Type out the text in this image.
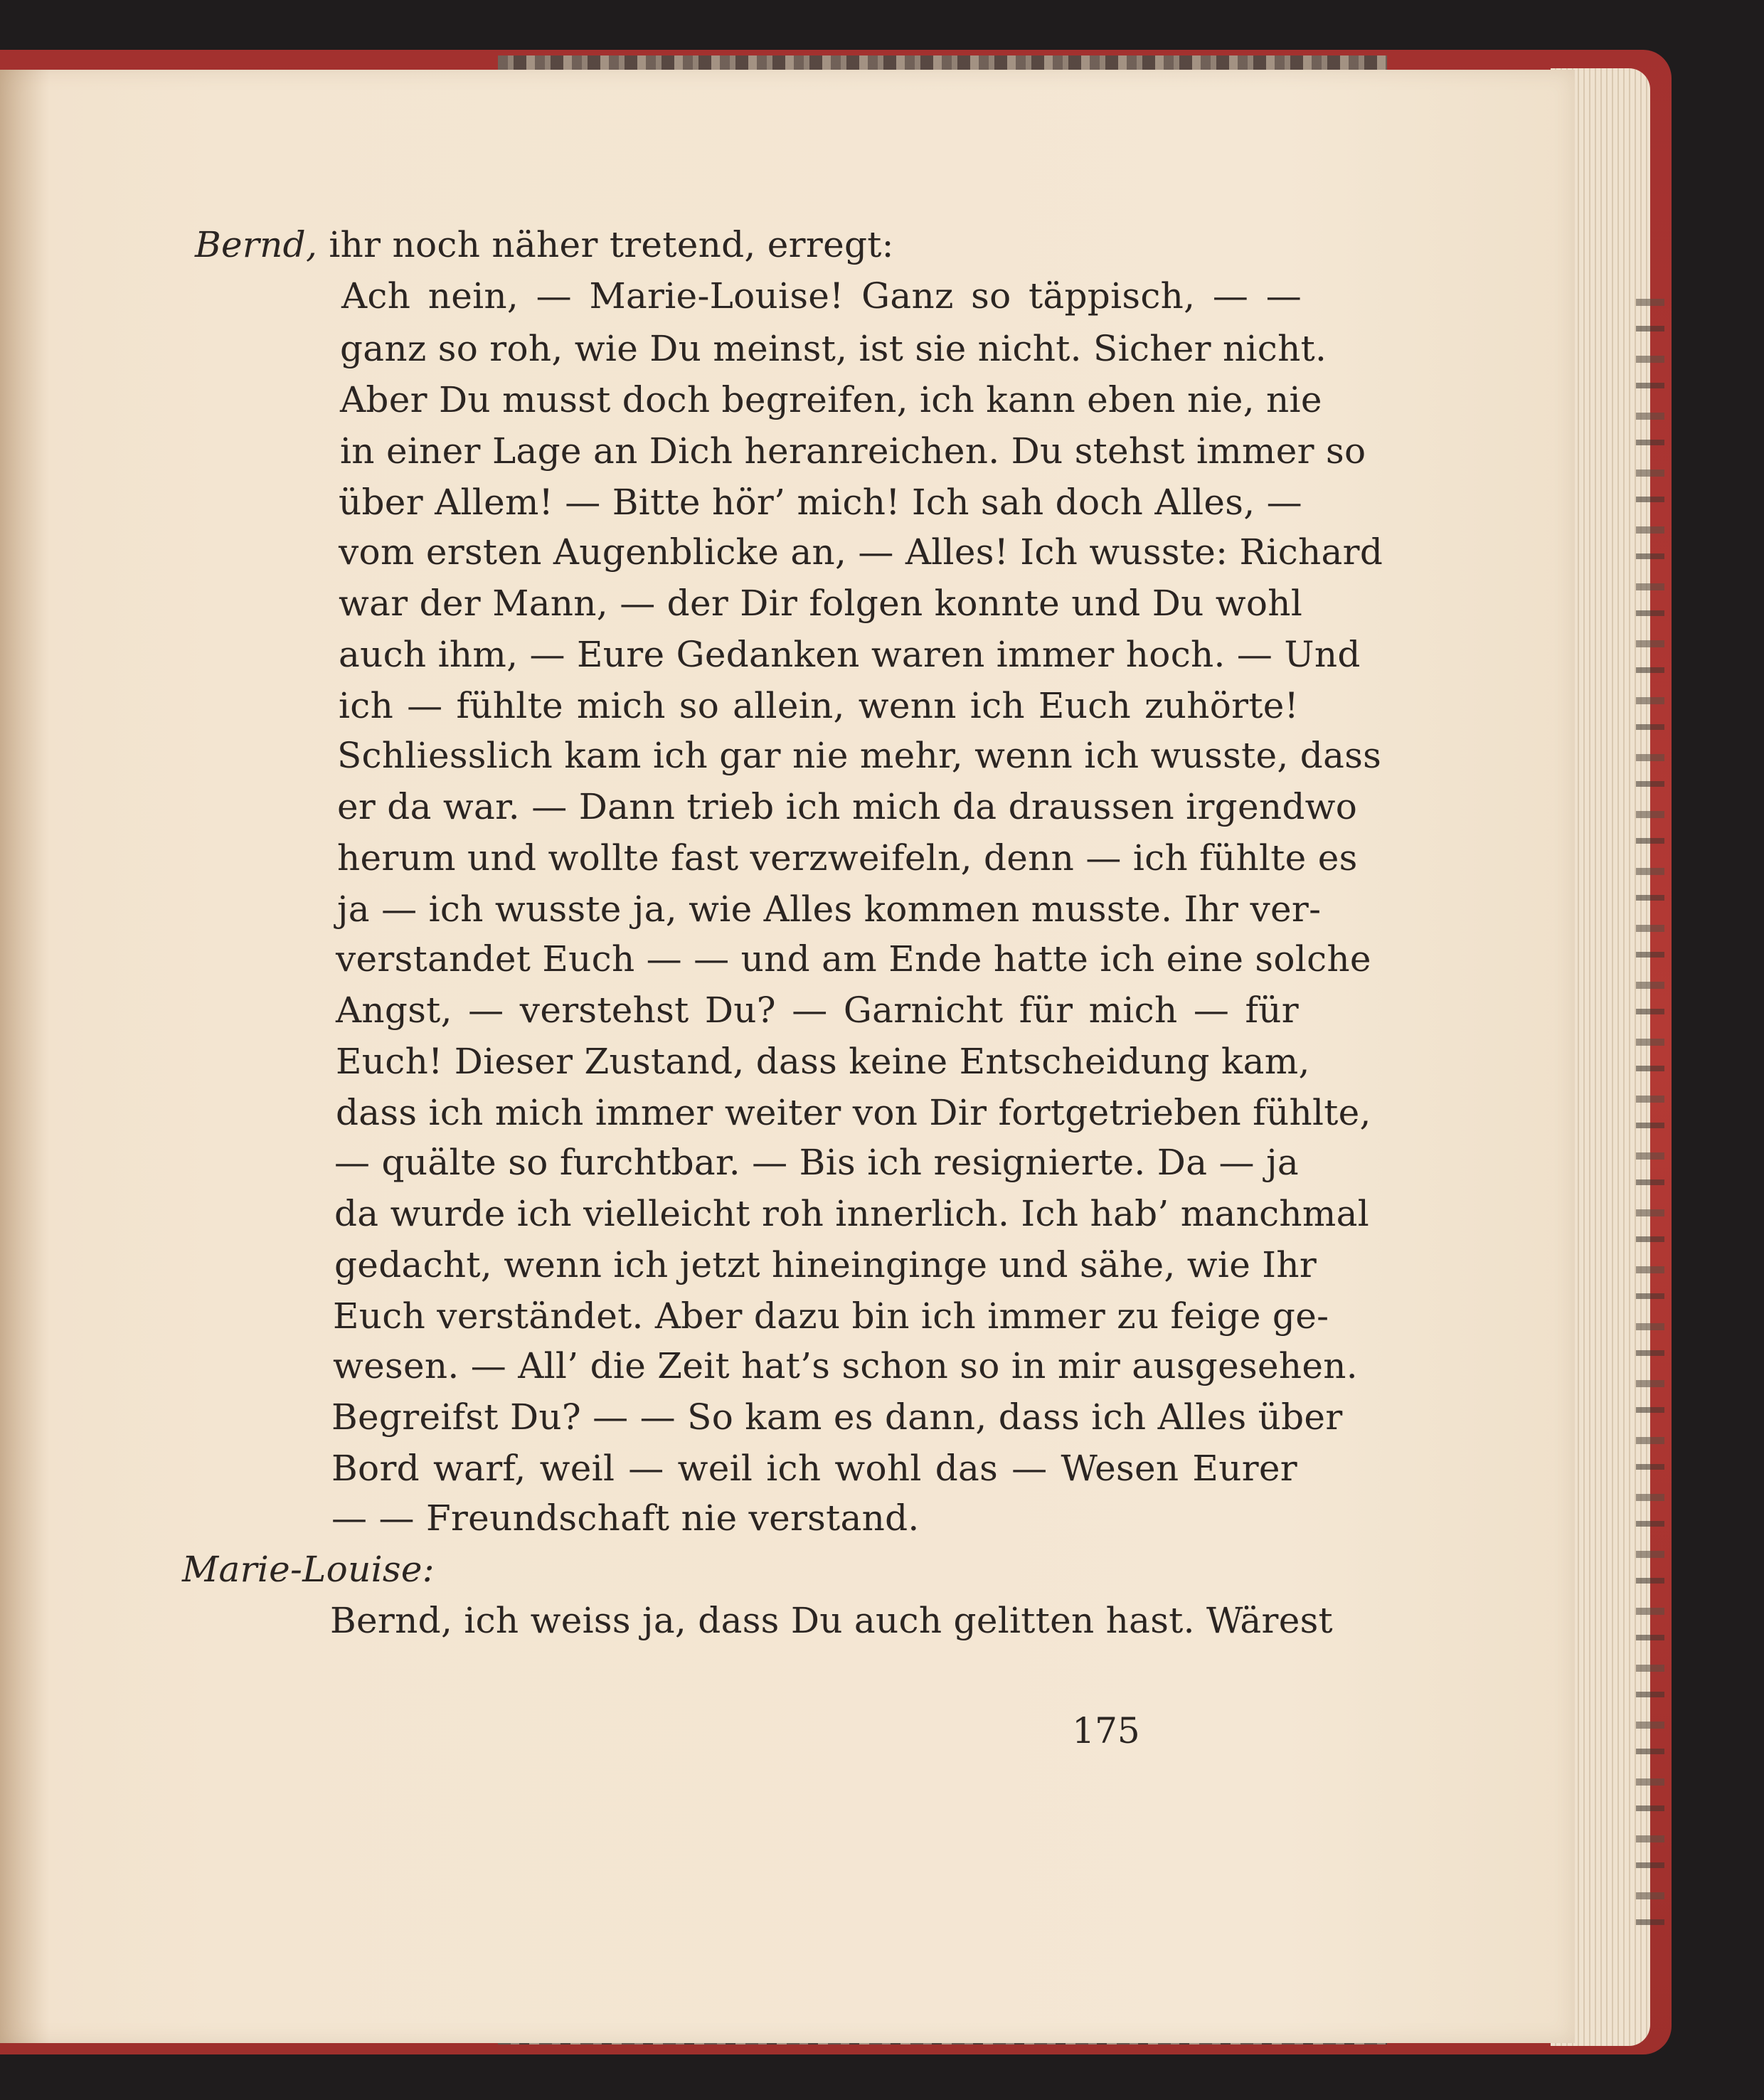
Bernd, ihr noch näher tretend, erregt:
Ach nein, — Marie-Louise! Ganz so täppisch, — —
ganz so roh, wie Du meinst, ist sie nicht. Sicher nicht.
Aber Du musst doch begreifen, ich kann eben nie, nie
in einer Lage an Dich heranreichen. Du stehst immer so
über Allem! — Bitte hör’ mich! Ich sah doch Alles, —
vom ersten Augenblicke an, — Alles! Ich wusste: Richard
war der Mann, — der Dir folgen konnte und Du wohl
auch ihm, — Eure Gedanken waren immer hoch. — Und
ich — fühlte mich so allein, wenn ich Euch zuhörte!
Schliesslich kam ich gar nie mehr, wenn ich wusste, dass
er da war. — Dann trieb ich mich da draussen irgendwo
herum und wollte fast verzweifeln, denn — ich fühlte es
ja — ich wusste ja, wie Alles kommen musste. Ihr ver-
verstandet Euch — — und am Ende hatte ich eine solche
Angst, — verstehst Du? — Garnicht für mich — für
Euch! Dieser Zustand, dass keine Entscheidung kam,
dass ich mich immer weiter von Dir fortgetrieben fühlte,
— quälte so furchtbar. — Bis ich resignierte. Da — ja
da wurde ich vielleicht roh innerlich. Ich hab’ manchmal
gedacht, wenn ich jetzt hineinginge und sähe, wie Ihr
Euch verständet. Aber dazu bin ich immer zu feige ge-
wesen. — All’ die Zeit hat’s schon so in mir ausgesehen.
Begreifst Du? — — So kam es dann, dass ich Alles über
Bord warf, weil — weil ich wohl das — Wesen Eurer
— — Freundschaft nie verstand.
Marie-Louise:
Bernd, ich weiss ja, dass Du auch gelitten hast. Wärest
175
